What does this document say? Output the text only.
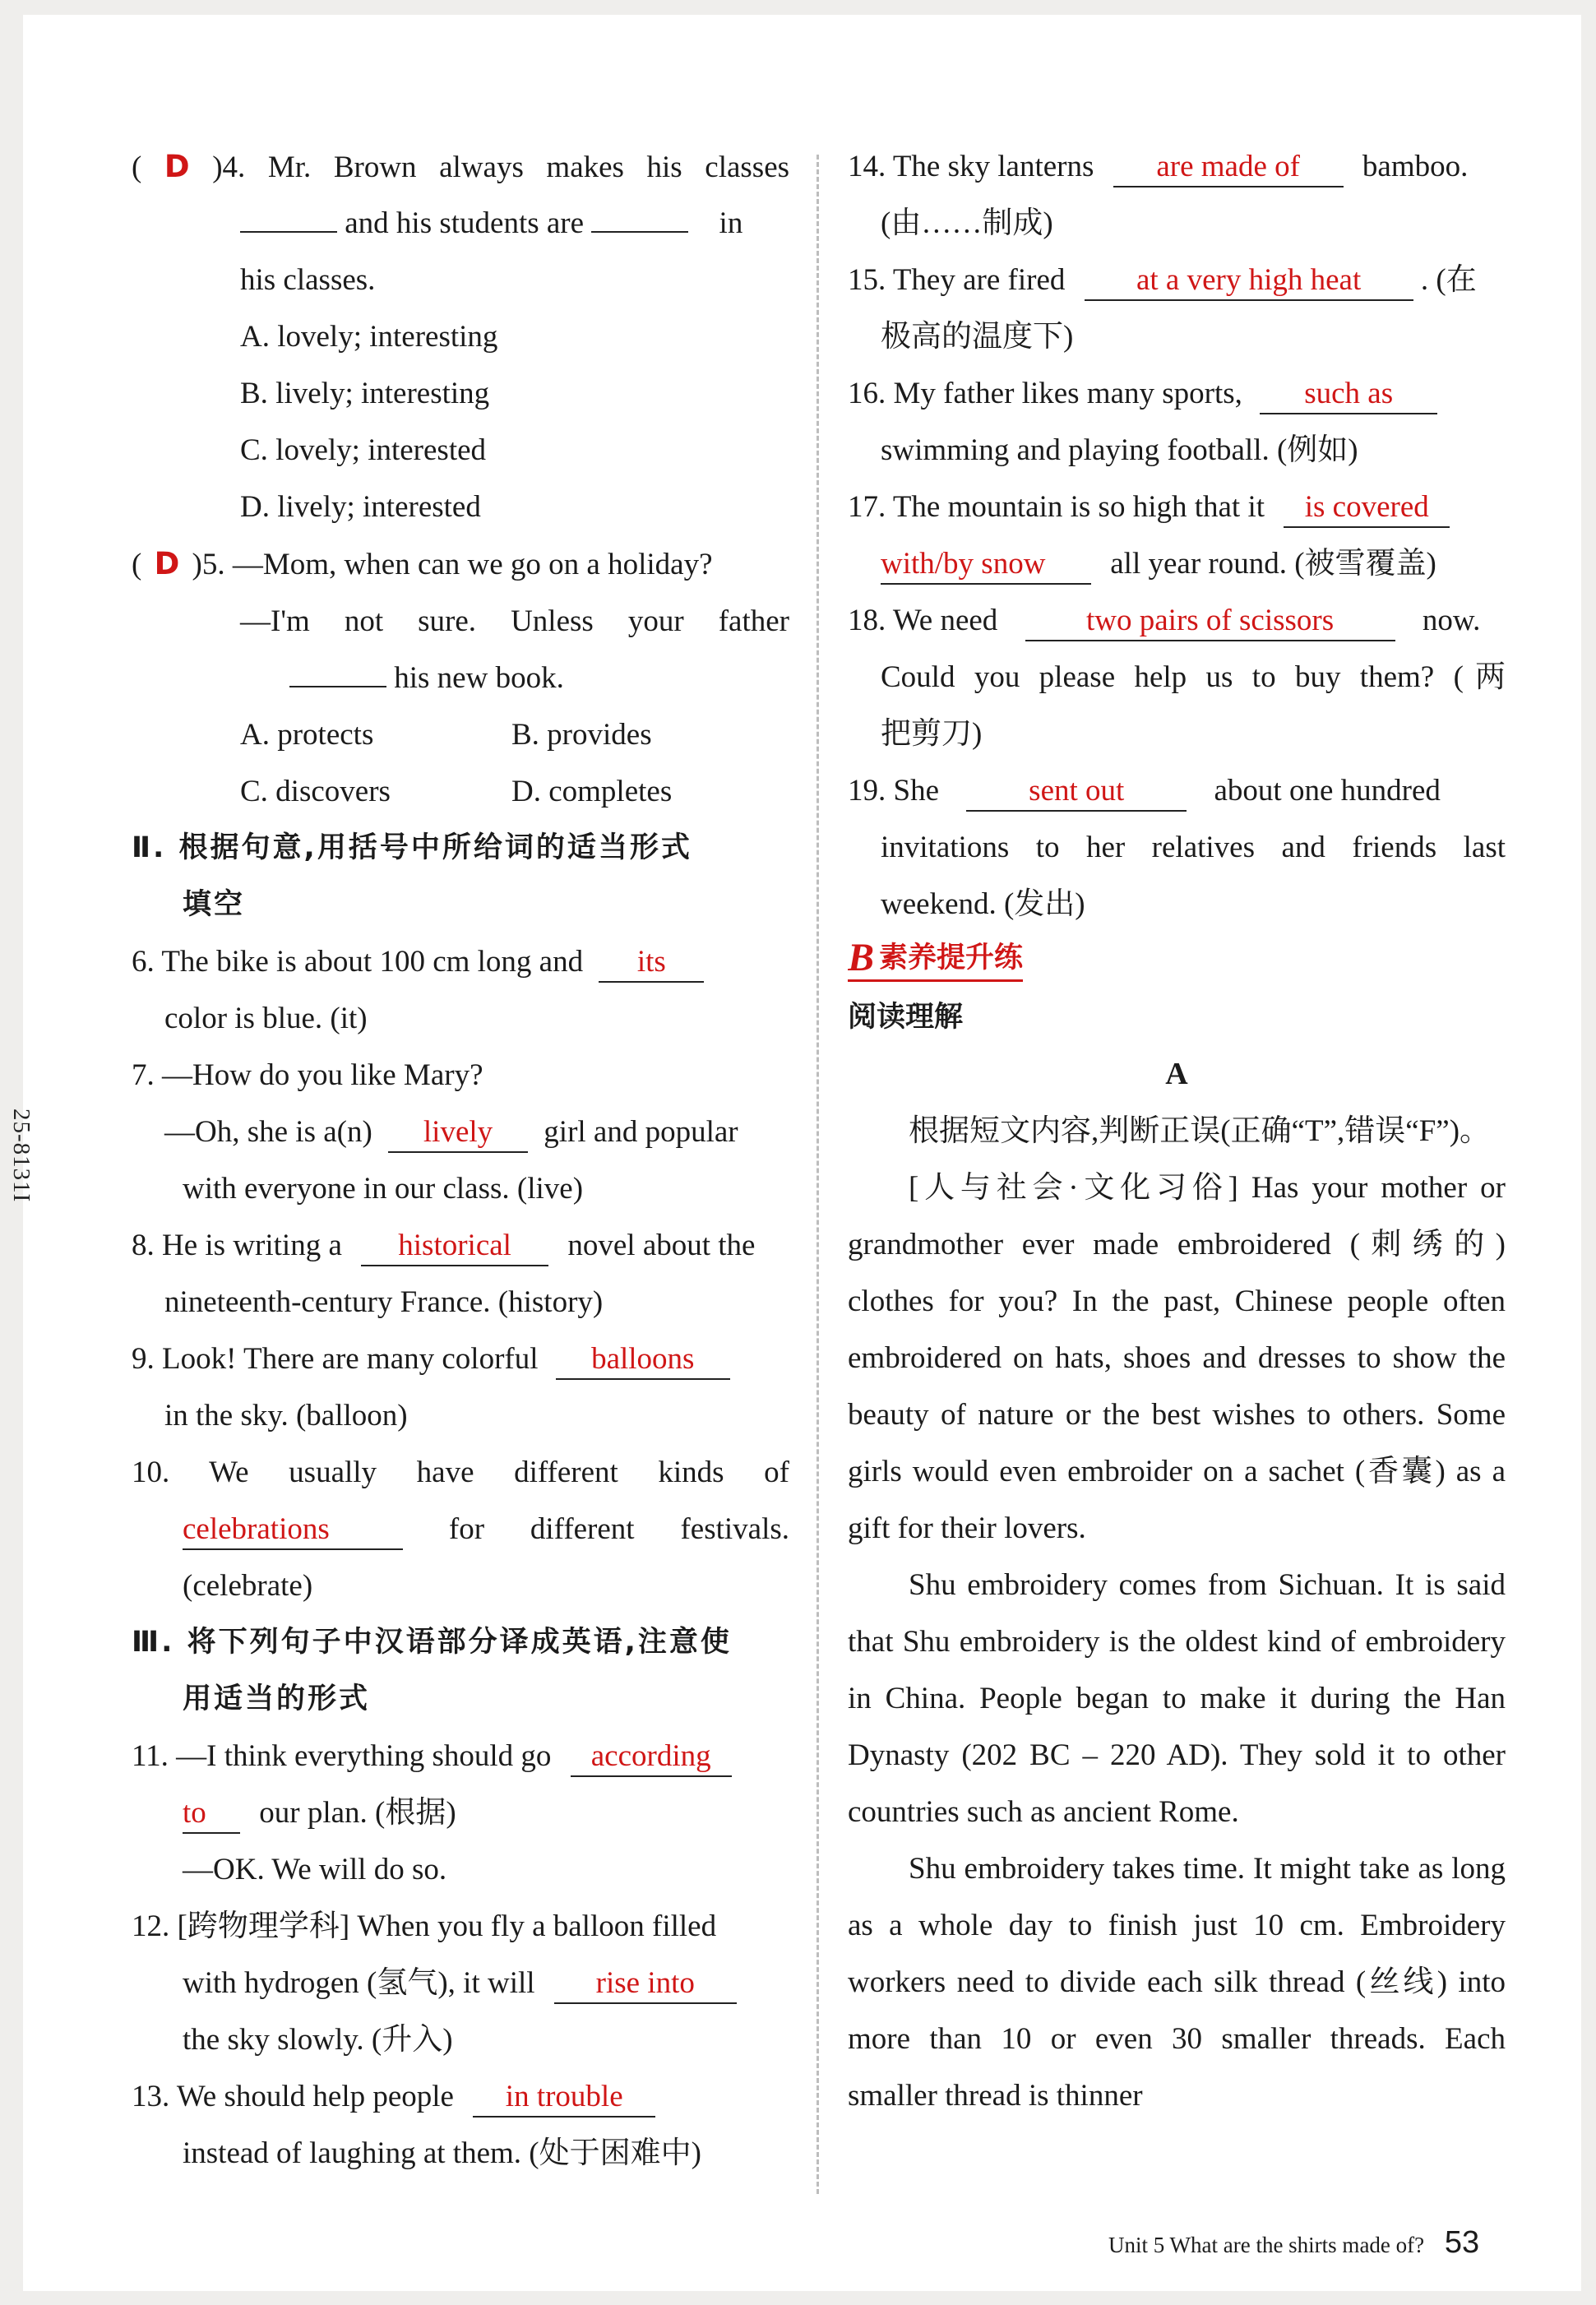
25-8131I
( D )4. Mr. Brown always makes his classes
and his students are	in
his classes.
A. lovely; interesting
B. lively; interesting
C. lovely; interested
D. lively; interested
( D )5. —Mom, when can we go on a holiday?
—I'm not sure. Unless your father
his new book.
A. protects	B. provides
C. discovers	D. completes
Ⅱ. 根据句意,用括号中所给词的适当形式
填空
6. The bike is about 100 cm long and its
color is blue. (it)
7. —How do you like Mary?
—Oh, she is a(n) lively girl and popular
with everyone in our class. (live)
8. He is writing a historical novel about the
nineteenth-century France. (history)
9. Look! There are many colorful balloons
in the sky. (balloon)
10. We usually have different kinds of
celebrations	for different festivals.
(celebrate)
Ⅲ. 将下列句子中汉语部分译成英语,注意使
用适当的形式
11. —I think everything should go according
to our plan. (根据)
—OK. We will do so.
12. [跨物理学科] When you fly a balloon filled
with hydrogen (氢气), it will rise into
the sky slowly. (升入)
13. We should help people in trouble
instead of laughing at them. (处于困难中)
14. The sky lanterns are made of bamboo.
(由……制成)
15. They are fired at a very high heat . (在
极高的温度下)
16. My father likes many sports, such as
swimming and playing football. (例如)
17. The mountain is so high that it is covered
with/by snow all year round. (被雪覆盖)
18. We need	two pairs of scissors	now.
Could you please help us to buy them? (两
把剪刀)
19. She	sent out	about one hundred
invitations to her relatives and friends last
weekend. (发出)
B 素养提升练
阅读理解
A
根据短文内容,判断正误(正确“T”,错误“F”)。
[人与社会·文化习俗] Has your mother or grandmother ever made embroidered (刺绣的) clothes for you? In the past, Chinese people often embroidered on hats, shoes and dresses to show the beauty of nature or the best wishes to others. Some girls would even embroider on a sachet (香囊) as a gift for their lovers.
Shu embroidery comes from Sichuan. It is said that Shu embroidery is the oldest kind of embroidery in China. People began to make it during the Han Dynasty (202 BC – 220 AD). They sold it to other countries such as ancient Rome.
Shu embroidery takes time. It might take as long as a whole day to finish just 10 cm. Embroidery workers need to divide each silk thread (丝线) into more than 10 or even 30 smaller threads. Each smaller thread is thinner
Unit 5 What are the shirts made of? 53
